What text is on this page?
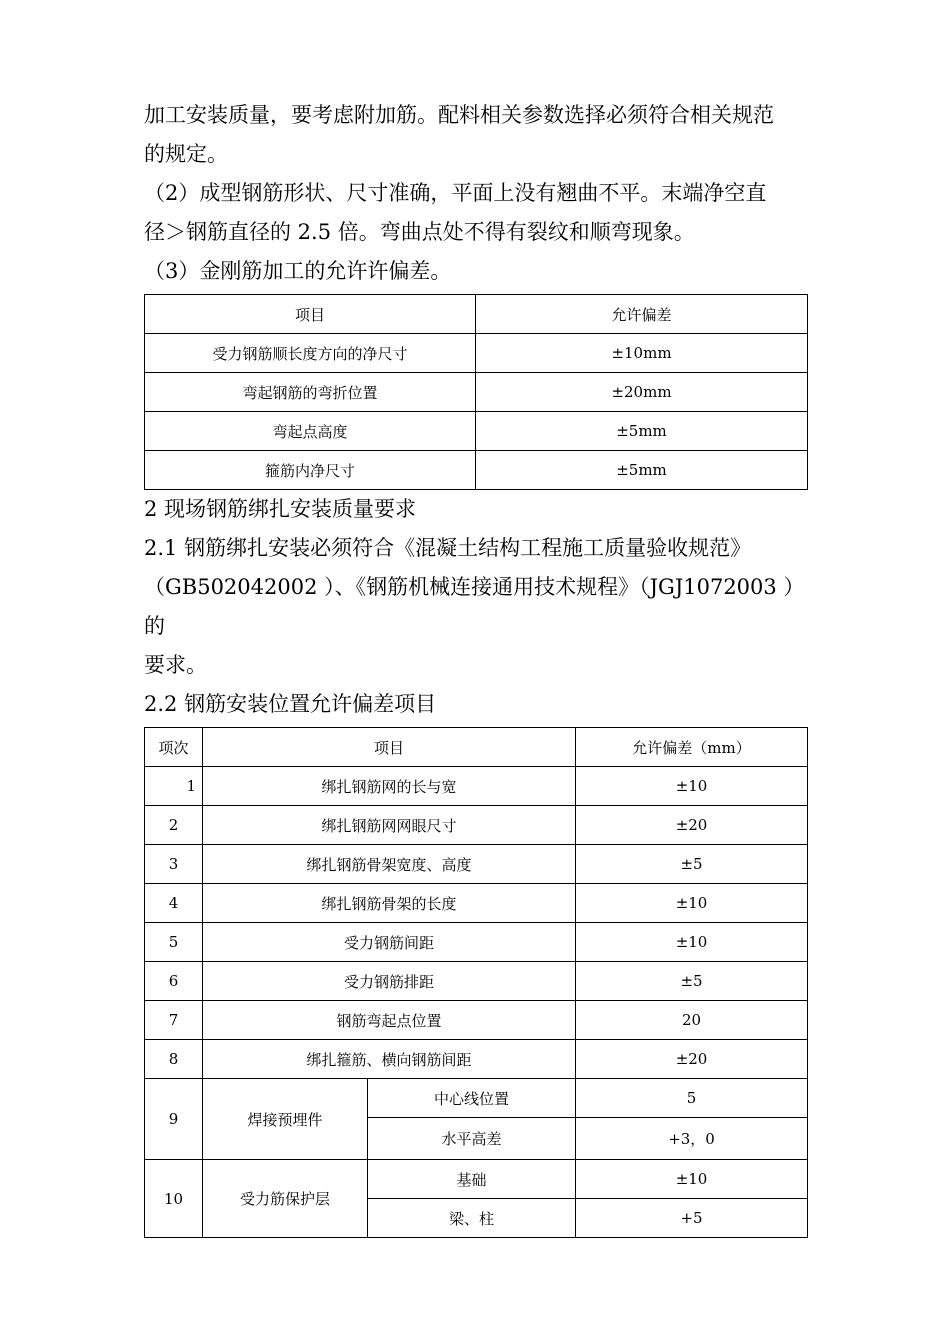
加工安装质量，要考虑附加筋。配料相关参数选择必须符合相关规范

的规定。

（2）成型钢筋形状、尺寸准确，平面上没有翘曲不平。末端净空直

径＞钢筋直径的 2.5 倍。弯曲点处不得有裂纹和顺弯现象。

（3）金刚筋加工的允许许偏差。

项目	允许偏差
受力钢筋顺长度方向的净尺寸	±10mm
弯起钢筋的弯折位置	±20mm
弯起点高度	±5mm
箍筋内净尺寸	±5mm

2 现场钢筋绑扎安装质量要求

2.1 钢筋绑扎安装必须符合《混凝土结构工程施工质量验收规范》

（GB502042002 ）、《钢筋机械连接通用技术规程》（JGJ1072003 ）的

要求。

2.2 钢筋安装位置允许偏差项目

项次	项目		允许偏差（mm）
1	绑扎钢筋网的长与宽		±10
2	绑扎钢筋网网眼尺寸		±20
3	绑扎钢筋骨架宽度、高度		±5
4	绑扎钢筋骨架的长度		±10
5	受力钢筋间距		±10
6	受力钢筋排距		±5
7	钢筋弯起点位置		20
8	绑扎箍筋、横向钢筋间距		±20
9	焊接预埋件	中心线位置	5
		水平高差	+3，0
10	受力筋保护层	基础	±10
		梁、柱	+5
